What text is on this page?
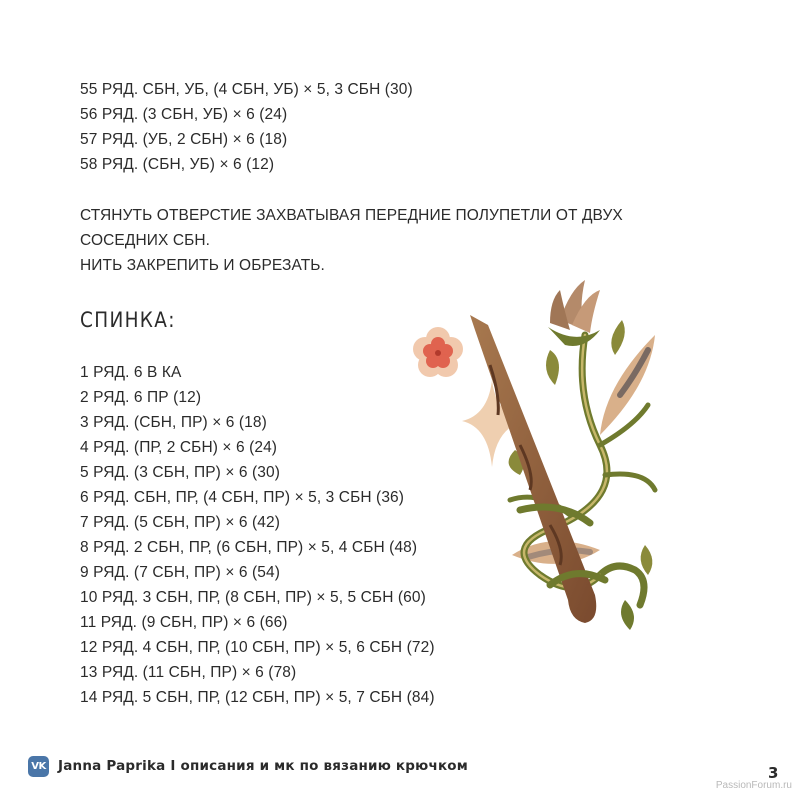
55 РЯД. СБН, УБ, (4 СБН, УБ) × 5, 3 СБН (30)
56 РЯД. (3 СБН, УБ) × 6 (24)
57 РЯД. (УБ, 2 СБН) × 6 (18)
58 РЯД. (СБН, УБ) × 6 (12)
СТЯНУТЬ ОТВЕРСТИЕ ЗАХВАТЫВАЯ ПЕРЕДНИЕ ПОЛУПЕТЛИ ОТ ДВУХ
СОСЕДНИХ СБН.
НИТЬ ЗАКРЕПИТЬ И ОБРЕЗАТЬ.
СПИНКА:
1 РЯД. 6 В КА
2 РЯД. 6 ПР (12)
3 РЯД. (СБН, ПР) × 6 (18)
4 РЯД. (ПР, 2 СБН) × 6 (24)
5 РЯД. (3 СБН, ПР) × 6 (30)
6 РЯД. СБН, ПР, (4 СБН, ПР) × 5, 3 СБН (36)
7 РЯД. (5 СБН, ПР) × 6 (42)
8 РЯД. 2 СБН, ПР, (6 СБН, ПР) × 5, 4 СБН (48)
9 РЯД. (7 СБН, ПР) × 6 (54)
10 РЯД. 3 СБН, ПР, (8 СБН, ПР) × 5, 5 СБН (60)
11 РЯД. (9 СБН, ПР) × 6 (66)
12 РЯД. 4 СБН, ПР, (10 СБН, ПР) × 5, 6 СБН (72)
13 РЯД. (11 СБН, ПР) × 6 (78)
14 РЯД. 5 СБН, ПР, (12 СБН, ПР) × 5, 7 СБН (84)
VK Janna Paprika I описания и мк по вязанию крючком	3
PassionForum.ru
